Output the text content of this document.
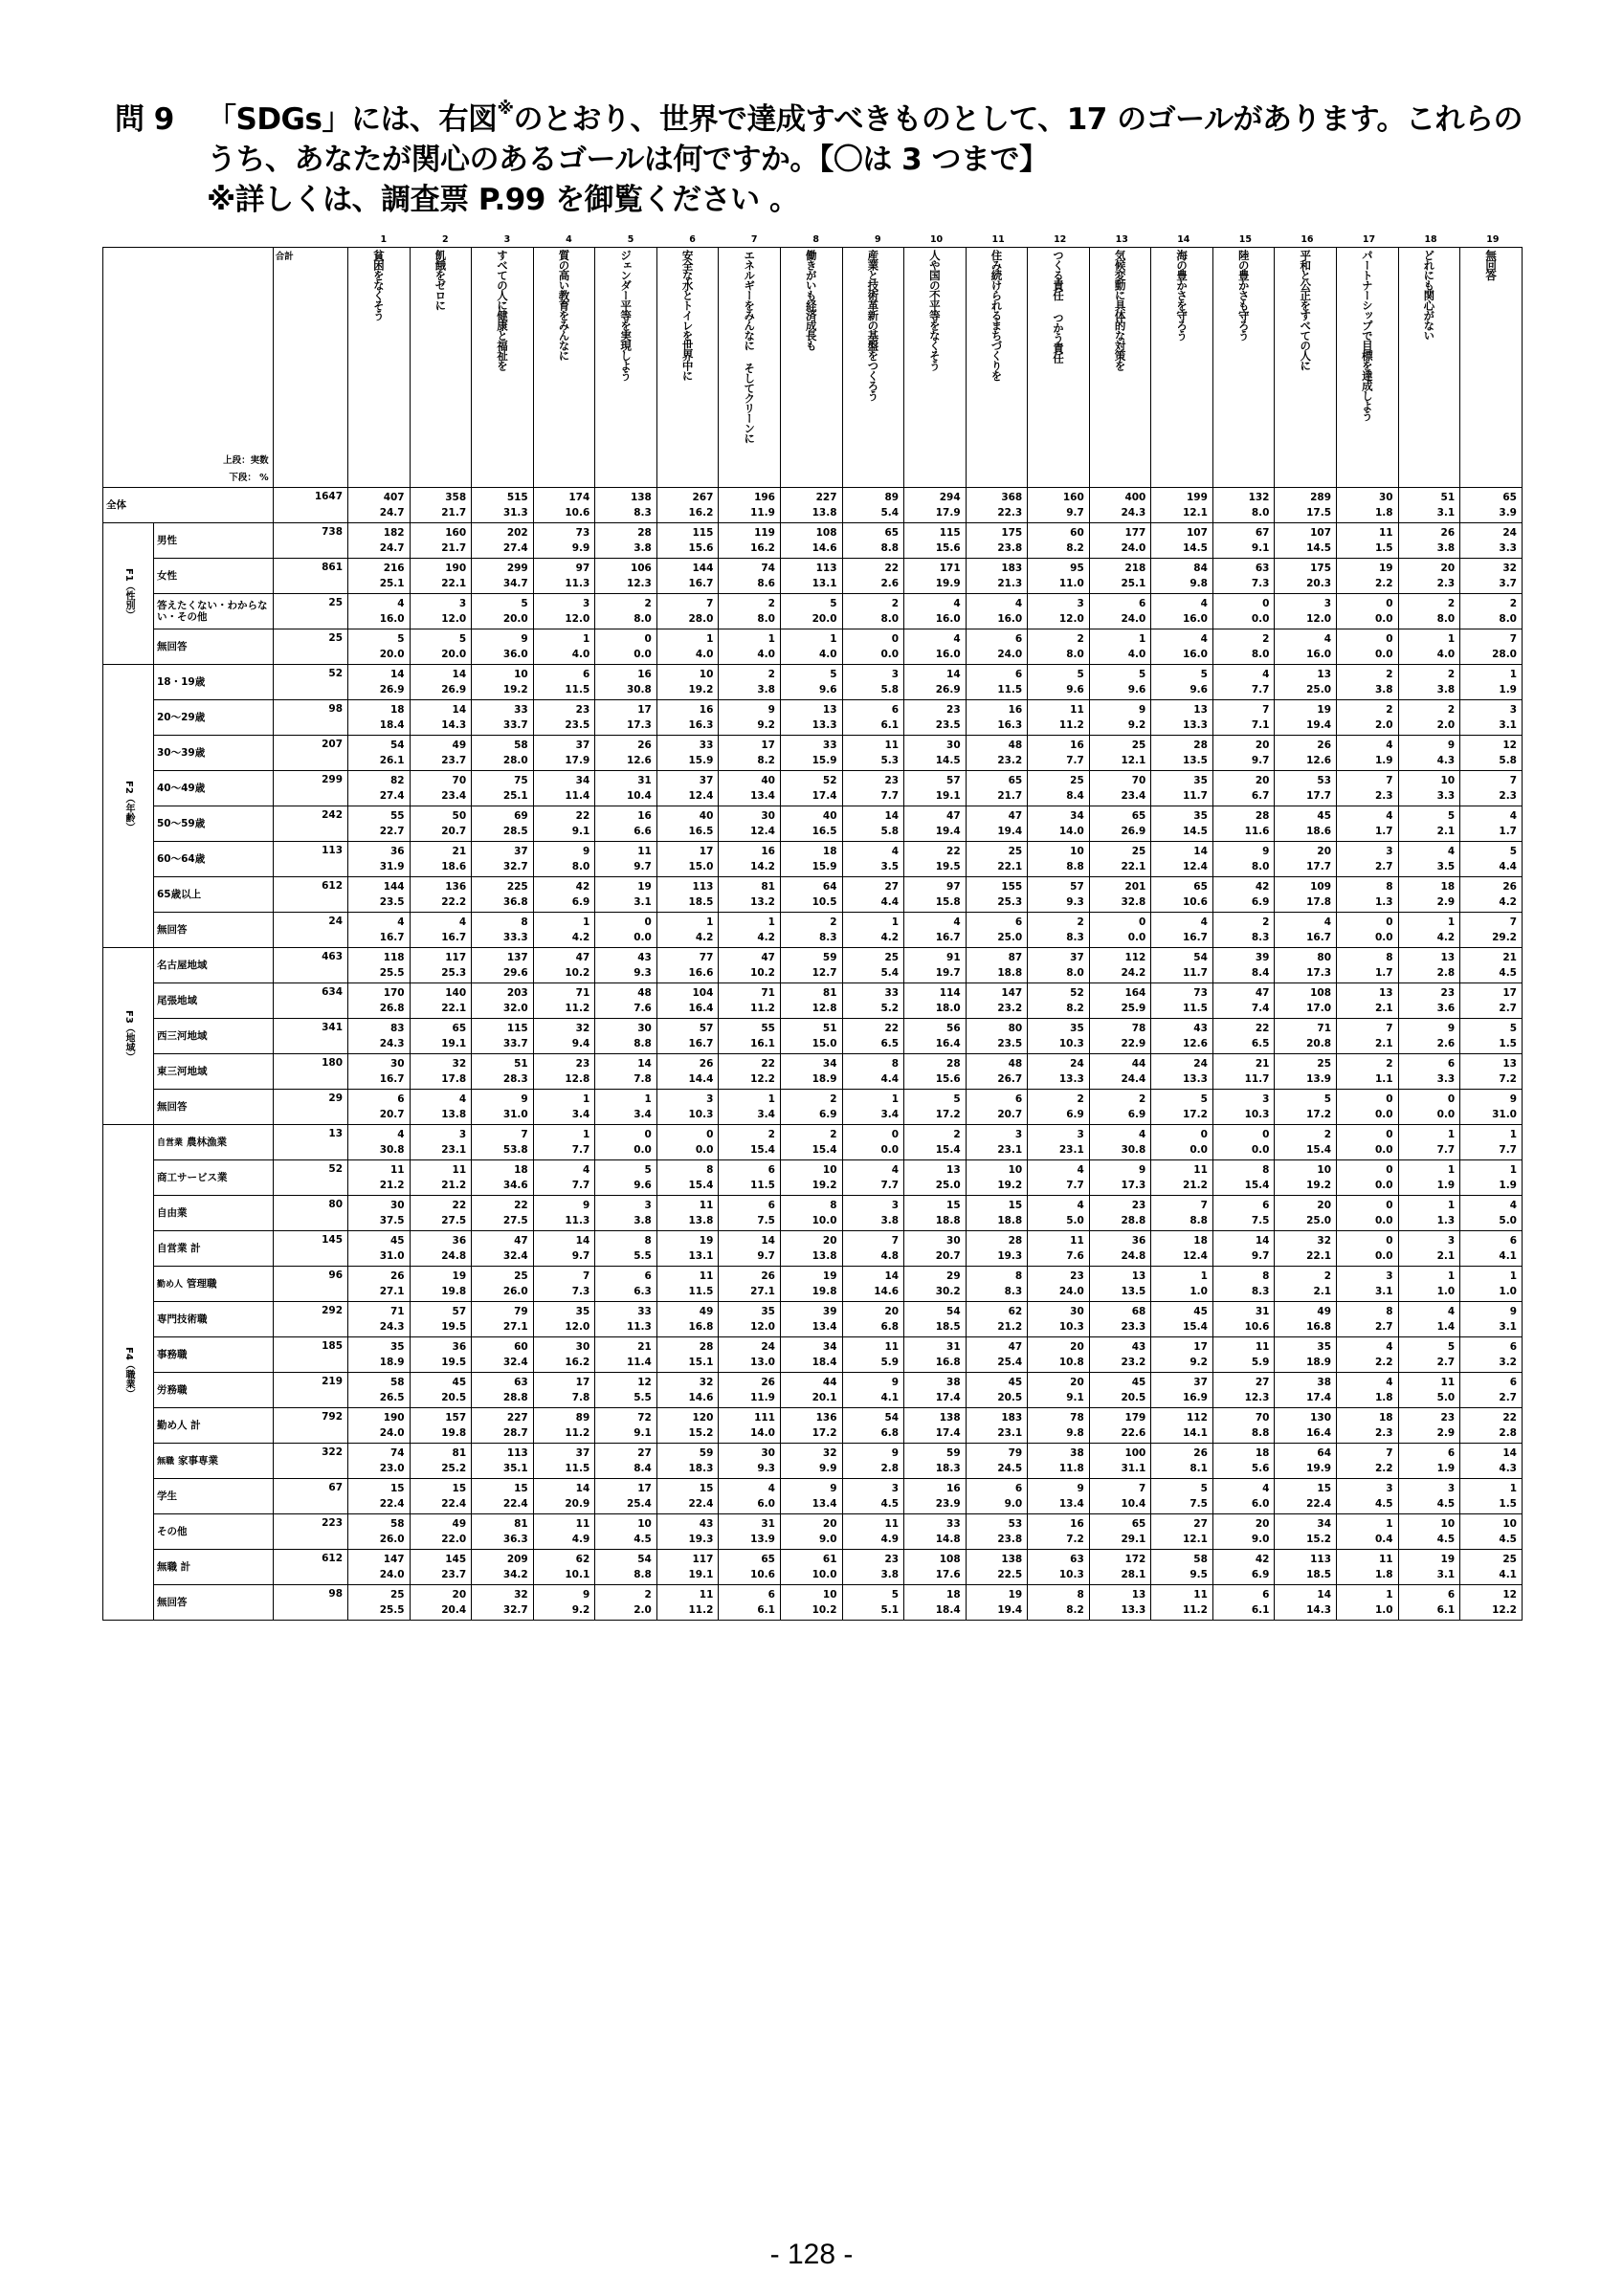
問 9	「SDGs」には、右図 ※ のとおり、世界で達成すべきものとして、17 のゴールがあります。これらの
うち、あなたが関心のあるゴールは何ですか。【〇は 3 つまで】
※詳しくは、調査票 P.99 を御覧ください 。
			1	2	3	4	5	6	7	8	9	10	11	12	13	14	15	16	17	18	19

上段：実数
下段： %		合計	貧困をなくそう	飢餓をゼロに	すべての人に健康と福祉を	質の高い教育をみんなに	ジェンダー平等を実現しよう	安全な水とトイレを世界中に	エネルギーをみんなに そしてクリーンに	働きがいも経済成長も	産業と技術革新の基盤をつくろう	人や国の不平等をなくそう	住み続けられるまちづくりを	つくる責任 つかう責任	気候変動に具体的な対策を	海の豊かさを守ろう	陸の豊かさも守ろう	平和と公正をすべての人に	パートナーシップで目標を達成しよう	どれにも関心がない	無回答

全体		1647	407	358	515	174	138	267	196	227	89	294	368	160	400	199	132	289	30	51	65
			24.7	21.7	31.3	10.6	8.3	16.2	11.9	13.8	5.4	17.9	22.3	9.7	24.3	12.1	8.0	17.5	1.8	3.1	3.9

F1（性別）	男性	738	182	160	202	73	28	115	119	108	65	115	175	60	177	107	67	107	11	26	24
			24.7	21.7	27.4	9.9	3.8	15.6	16.2	14.6	8.8	15.6	23.8	8.2	24.0	14.5	9.1	14.5	1.5	3.8	3.3
	女性	861	216	190	299	97	106	144	74	113	22	171	183	95	218	84	63	175	19	20	32
			25.1	22.1	34.7	11.3	12.3	16.7	8.6	13.1	2.6	19.9	21.3	11.0	25.1	9.8	7.3	20.3	2.2	2.3	3.7
	答えたくない・わからない・その他	25	4	3	5	3	2	7	2	5	2	4	4	3	6	4	0	3	0	2	2
			16.0	12.0	20.0	12.0	8.0	28.0	8.0	20.0	8.0	16.0	16.0	12.0	24.0	16.0	0.0	12.0	0.0	8.0	8.0
	無回答	25	5	5	9	1	0	1	1	1	0	4	6	2	1	4	2	4	0	1	7
			20.0	20.0	36.0	4.0	0.0	4.0	4.0	4.0	0.0	16.0	24.0	8.0	4.0	16.0	8.0	16.0	0.0	4.0	28.0

F2（年齢）	18・19歳	52	14	14	10	6	16	10	2	5	3	14	6	5	5	5	4	13	2	2	1
			26.9	26.9	19.2	11.5	30.8	19.2	3.8	9.6	5.8	26.9	11.5	9.6	9.6	9.6	7.7	25.0	3.8	3.8	1.9
	20～29歳	98	18	14	33	23	17	16	9	13	6	23	16	11	9	13	7	19	2	2	3
			18.4	14.3	33.7	23.5	17.3	16.3	9.2	13.3	6.1	23.5	16.3	11.2	9.2	13.3	7.1	19.4	2.0	2.0	3.1
	30～39歳	207	54	49	58	37	26	33	17	33	11	30	48	16	25	28	20	26	4	9	12
			26.1	23.7	28.0	17.9	12.6	15.9	8.2	15.9	5.3	14.5	23.2	7.7	12.1	13.5	9.7	12.6	1.9	4.3	5.8
	40～49歳	299	82	70	75	34	31	37	40	52	23	57	65	25	70	35	20	53	7	10	7
			27.4	23.4	25.1	11.4	10.4	12.4	13.4	17.4	7.7	19.1	21.7	8.4	23.4	11.7	6.7	17.7	2.3	3.3	2.3
	50～59歳	242	55	50	69	22	16	40	30	40	14	47	47	34	65	35	28	45	4	5	4
			22.7	20.7	28.5	9.1	6.6	16.5	12.4	16.5	5.8	19.4	19.4	14.0	26.9	14.5	11.6	18.6	1.7	2.1	1.7
	60～64歳	113	36	21	37	9	11	17	16	18	4	22	25	10	25	14	9	20	3	4	5
			31.9	18.6	32.7	8.0	9.7	15.0	14.2	15.9	3.5	19.5	22.1	8.8	22.1	12.4	8.0	17.7	2.7	3.5	4.4
	65歳以上	612	144	136	225	42	19	113	81	64	27	97	155	57	201	65	42	109	8	18	26
			23.5	22.2	36.8	6.9	3.1	18.5	13.2	10.5	4.4	15.8	25.3	9.3	32.8	10.6	6.9	17.8	1.3	2.9	4.2
	無回答	24	4	4	8	1	0	1	1	2	1	4	6	2	0	4	2	4	0	1	7
			16.7	16.7	33.3	4.2	0.0	4.2	4.2	8.3	4.2	16.7	25.0	8.3	0.0	16.7	8.3	16.7	0.0	4.2	29.2

F3（地域）	名古屋地域	463	118	117	137	47	43	77	47	59	25	91	87	37	112	54	39	80	8	13	21
			25.5	25.3	29.6	10.2	9.3	16.6	10.2	12.7	5.4	19.7	18.8	8.0	24.2	11.7	8.4	17.3	1.7	2.8	4.5
	尾張地域	634	170	140	203	71	48	104	71	81	33	114	147	52	164	73	47	108	13	23	17
			26.8	22.1	32.0	11.2	7.6	16.4	11.2	12.8	5.2	18.0	23.2	8.2	25.9	11.5	7.4	17.0	2.1	3.6	2.7
	西三河地域	341	83	65	115	32	30	57	55	51	22	56	80	35	78	43	22	71	7	9	5
			24.3	19.1	33.7	9.4	8.8	16.7	16.1	15.0	6.5	16.4	23.5	10.3	22.9	12.6	6.5	20.8	2.1	2.6	1.5
	東三河地域	180	30	32	51	23	14	26	22	34	8	28	48	24	44	24	21	25	2	6	13
			16.7	17.8	28.3	12.8	7.8	14.4	12.2	18.9	4.4	15.6	26.7	13.3	24.4	13.3	11.7	13.9	1.1	3.3	7.2
	無回答	29	6	4	9	1	1	3	1	2	1	5	6	2	2	5	3	5	0	0	9
			20.7	13.8	31.0	3.4	3.4	10.3	3.4	6.9	3.4	17.2	20.7	6.9	6.9	17.2	10.3	17.2	0.0	0.0	31.0

F4（職業）	自営業 農林漁業	13	4	3	7	1	0	0	2	2	0	2	3	3	4	0	0	2	0	1	1
			30.8	23.1	53.8	7.7	0.0	0.0	15.4	15.4	0.0	15.4	23.1	23.1	30.8	0.0	0.0	15.4	0.0	7.7	7.7
	商工サービス業	52	11	11	18	4	5	8	6	10	4	13	10	4	9	11	8	10	0	1	1
			21.2	21.2	34.6	7.7	9.6	15.4	11.5	19.2	7.7	25.0	19.2	7.7	17.3	21.2	15.4	19.2	0.0	1.9	1.9
	自由業	80	30	22	22	9	3	11	6	8	3	15	15	4	23	7	6	20	0	1	4
			37.5	27.5	27.5	11.3	3.8	13.8	7.5	10.0	3.8	18.8	18.8	5.0	28.8	8.8	7.5	25.0	0.0	1.3	5.0
	自営業 計	145	45	36	47	14	8	19	14	20	7	30	28	11	36	18	14	32	0	3	6
			31.0	24.8	32.4	9.7	5.5	13.1	9.7	13.8	4.8	20.7	19.3	7.6	24.8	12.4	9.7	22.1	0.0	2.1	4.1
	勤め人 管理職	96	26	19	25	7	6	11	26	19	14	29	8	23	13	1	8	2	3	1	1
			27.1	19.8	26.0	7.3	6.3	11.5	27.1	19.8	14.6	30.2	8.3	24.0	13.5	1.0	8.3	2.1	3.1	1.0	1.0
	専門技術職	292	71	57	79	35	33	49	35	39	20	54	62	30	68	45	31	49	8	4	9
			24.3	19.5	27.1	12.0	11.3	16.8	12.0	13.4	6.8	18.5	21.2	10.3	23.3	15.4	10.6	16.8	2.7	1.4	3.1
	事務職	185	35	36	60	30	21	28	24	34	11	31	47	20	43	17	11	35	4	5	6
			18.9	19.5	32.4	16.2	11.4	15.1	13.0	18.4	5.9	16.8	25.4	10.8	23.2	9.2	5.9	18.9	2.2	2.7	3.2
	労務職	219	58	45	63	17	12	32	26	44	9	38	45	20	45	37	27	38	4	11	6
			26.5	20.5	28.8	7.8	5.5	14.6	11.9	20.1	4.1	17.4	20.5	9.1	20.5	16.9	12.3	17.4	1.8	5.0	2.7
	勤め人 計	792	190	157	227	89	72	120	111	136	54	138	183	78	179	112	70	130	18	23	22
			24.0	19.8	28.7	11.2	9.1	15.2	14.0	17.2	6.8	17.4	23.1	9.8	22.6	14.1	8.8	16.4	2.3	2.9	2.8
	無職 家事専業	322	74	81	113	37	27	59	30	32	9	59	79	38	100	26	18	64	7	6	14
			23.0	25.2	35.1	11.5	8.4	18.3	9.3	9.9	2.8	18.3	24.5	11.8	31.1	8.1	5.6	19.9	2.2	1.9	4.3
	学生	67	15	15	15	14	17	15	4	9	3	16	6	9	7	5	4	15	3	3	1
			22.4	22.4	22.4	20.9	25.4	22.4	6.0	13.4	4.5	23.9	9.0	13.4	10.4	7.5	6.0	22.4	4.5	4.5	1.5
	その他	223	58	49	81	11	10	43	31	20	11	33	53	16	65	27	20	34	1	10	10
			26.0	22.0	36.3	4.9	4.5	19.3	13.9	9.0	4.9	14.8	23.8	7.2	29.1	12.1	9.0	15.2	0.4	4.5	4.5
	無職 計	612	147	145	209	62	54	117	65	61	23	108	138	63	172	58	42	113	11	19	25
			24.0	23.7	34.2	10.1	8.8	19.1	10.6	10.0	3.8	17.6	22.5	10.3	28.1	9.5	6.9	18.5	1.8	3.1	4.1
	無回答	98	25	20	32	9	2	11	6	10	5	18	19	8	13	11	6	14	1	6	12
			25.5	20.4	32.7	9.2	2.0	11.2	6.1	10.2	5.1	18.4	19.4	8.2	13.3	11.2	6.1	14.3	1.0	6.1	12.2
- 128 -
